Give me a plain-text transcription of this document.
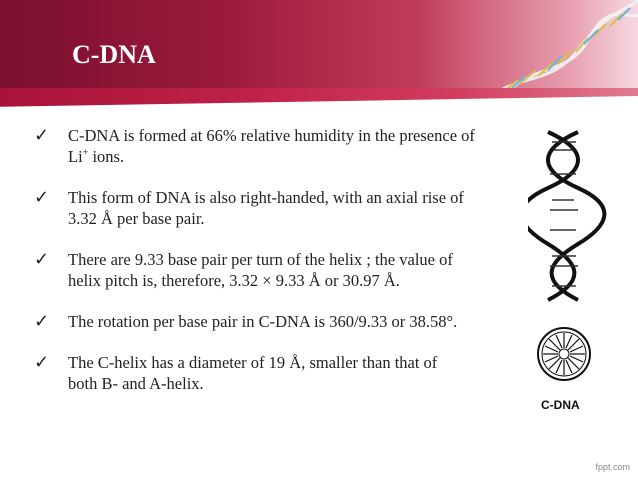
C-DNA
✓ C-DNA is formed at 66% relative humidity in the presence of
Li+ ions.
✓ This form of DNA is also right-handed, with an axial rise of
3.32 Å per base pair.
✓ There are 9.33 base pair per turn of the helix ; the value of
helix pitch is, therefore, 3.32 × 9.33 Å or 30.97 Å.
✓ The rotation per base pair in C-DNA is 360/9.33 or 38.58°.
✓ The C-helix has a diameter of 19 Å, smaller than that of
both B- and A-helix.
C-DNA
fppt.com
